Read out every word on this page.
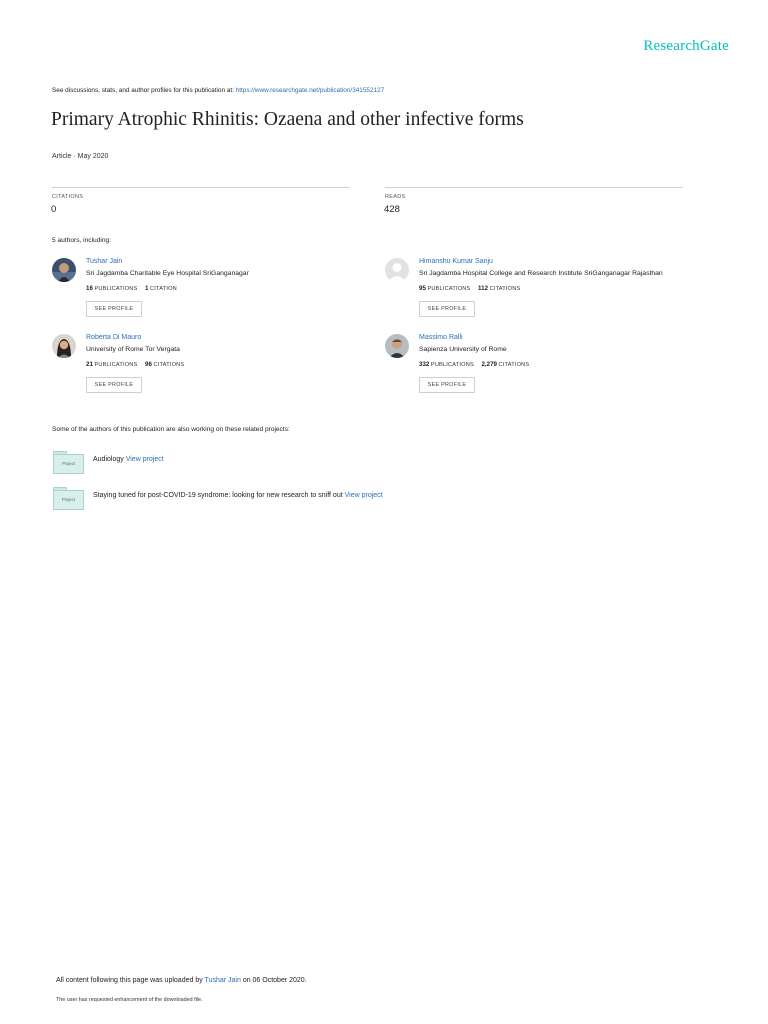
ResearchGate
See discussions, stats, and author profiles for this publication at: https://www.researchgate.net/publication/341552127
Primary Atrophic Rhinitis: Ozaena and other infective forms
Article · May 2020
CITATIONS
0
READS
428
5 authors, including:
Tushar Jain
Sri Jagdamba Charitable Eye Hospital SriGanganagar
16 PUBLICATIONS 1 CITATION
SEE PROFILE
Himanshu Kumar Sanju
Sri Jagdamba Hospital College and Research Institute SriGanganagar Rajasthan
95 PUBLICATIONS 112 CITATIONS
SEE PROFILE
Roberta Di Mauro
University of Rome Tor Vergata
21 PUBLICATIONS 96 CITATIONS
SEE PROFILE
Massimo Ralli
Sapienza University of Rome
332 PUBLICATIONS 2,279 CITATIONS
SEE PROFILE
Some of the authors of this publication are also working on these related projects:
Project
Audiology View project
Project
Staying tuned for post-COVID-19 syndrome: looking for new research to sniff out View project
All content following this page was uploaded by Tushar Jain on 06 October 2020.
The user has requested enhancement of the downloaded file.
